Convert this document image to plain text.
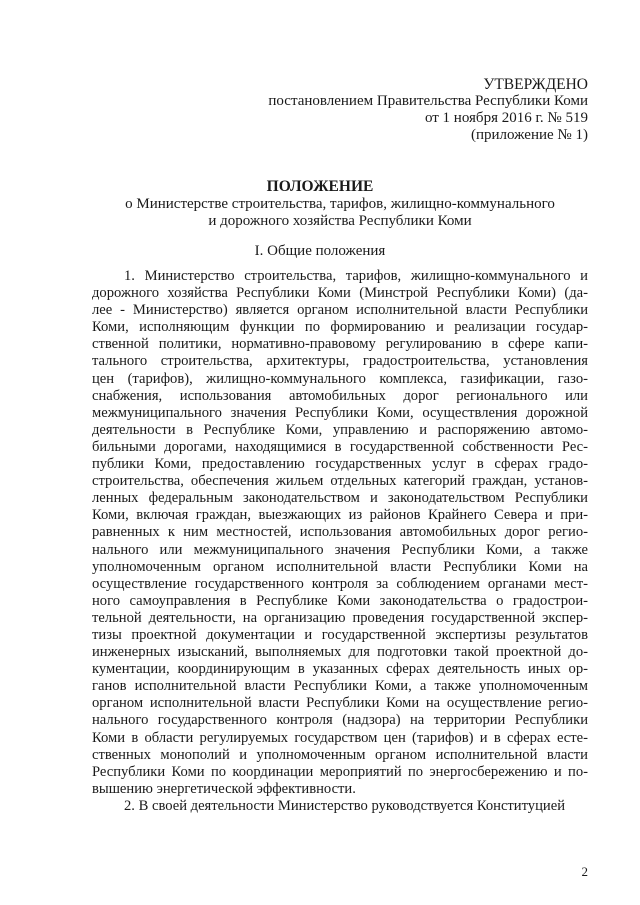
УТВЕРЖДЕНО
постановлением Правительства Республики Коми
от 1 ноября 2016 г. № 519
(приложение № 1)
ПОЛОЖЕНИЕ
о Министерстве строительства, тарифов, жилищно-коммунального
и дорожного хозяйства Республики Коми
I. Общие положения
1. Министерство строительства, тарифов, жилищно-коммунального и
дорожного хозяйства Республики Коми (Минстрой Республики Коми) (да-
лее - Министерство) является органом исполнительной власти Республики
Коми, исполняющим функции по формированию и реализации государ-
ственной политики, нормативно-правовому регулированию в сфере капи-
тального строительства, архитектуры, градостроительства, установления
цен (тарифов), жилищно-коммунального комплекса, газификации, газо-
снабжения, использования автомобильных дорог регионального или
межмуниципального значения Республики Коми, осуществления дорожной
деятельности в Республике Коми, управлению и распоряжению автомо-
бильными дорогами, находящимися в государственной собственности Рес-
публики Коми, предоставлению государственных услуг в сферах градо-
строительства, обеспечения жильем отдельных категорий граждан, установ-
ленных федеральным законодательством и законодательством Республики
Коми, включая граждан, выезжающих из районов Крайнего Севера и при-
равненных к ним местностей, использования автомобильных дорог регио-
нального или межмуниципального значения Республики Коми, а также
уполномоченным органом исполнительной власти Республики Коми на
осуществление государственного контроля за соблюдением органами мест-
ного самоуправления в Республике Коми законодательства о градострои-
тельной деятельности, на организацию проведения государственной экспер-
тизы проектной документации и государственной экспертизы результатов
инженерных изысканий, выполняемых для подготовки такой проектной до-
кументации, координирующим в указанных сферах деятельность иных ор-
ганов исполнительной власти Республики Коми, а также уполномоченным
органом исполнительной власти Республики Коми на осуществление регио-
нального государственного контроля (надзора) на территории Республики
Коми в области регулируемых государством цен (тарифов) и в сферах есте-
ственных монополий и уполномоченным органом исполнительной власти
Республики Коми по координации мероприятий по энергосбережению и по-
вышению энергетической эффективности.
2. В своей деятельности Министерство руководствуется Конституцией
2
